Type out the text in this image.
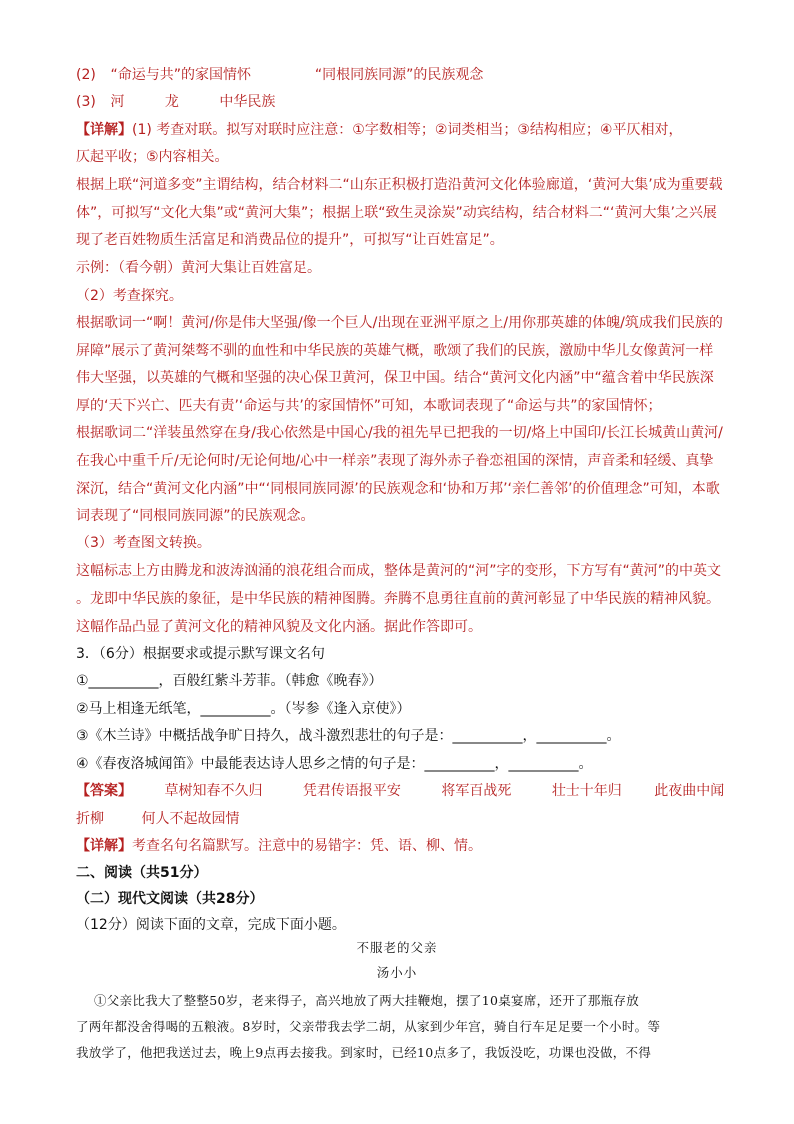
(2) “命运与共”的家国情怀	“同根同族同源”的民族观念
(3) 河	龙	中华民族
【详解】(1) 考查对联。拟写对联时应注意：①字数相等；②词类相当；③结构相应；④平仄相对，
仄起平收；⑤内容相关。
根据上联“河道多变”主谓结构，结合材料二“山东正积极打造沿黄河文化体验廊道，‘黄河大集’成为重要载
体”，可拟写“文化大集”或“黄河大集”；根据上联“致生灵涂炭”动宾结构，结合材料二“‘黄河大集’之兴展
现了老百姓物质生活富足和消费品位的提升”，可拟写“让百姓富足”。
示例：（看今朝）黄河大集让百姓富足。
（2）考查探究。
根据歌词一“啊！黄河/你是伟大坚强/像一个巨人/出现在亚洲平原之上/用你那英雄的体魄/筑成我们民族的
屏障”展示了黄河桀骜不驯的血性和中华民族的英雄气概，歌颂了我们的民族，激励中华儿女像黄河一样
伟大坚强，以英雄的气概和坚强的决心保卫黄河，保卫中国。结合“黄河文化内涵”中“蕴含着中华民族深
厚的‘天下兴亡、匹夫有责’‘命运与共’的家国情怀”可知，本歌词表现了“命运与共”的家国情怀；
根据歌词二“洋装虽然穿在身/我心依然是中国心/我的祖先早已把我的一切/烙上中国印/长江长城黄山黄河/
在我心中重千斤/无论何时/无论何地/心中一样亲”表现了海外赤子眷恋祖国的深情，声音柔和轻缓、真挚
深沉，结合“黄河文化内涵”中“‘同根同族同源’的民族观念和‘协和万邦’‘亲仁善邻’的价值理念”可知，本歌
词表现了“同根同族同源”的民族观念。
（3）考查图文转换。
这幅标志上方由腾龙和波涛汹涌的浪花组合而成，整体是黄河的“河”字的变形，下方写有“黄河”的中英文
。龙即中华民族的象征，是中华民族的精神图腾。奔腾不息勇往直前的黄河彰显了中华民族的精神风貌。
这幅作品凸显了黄河文化的精神风貌及文化内涵。据此作答即可。
3．（6分）根据要求或提示默写课文名句
①__________，百般红紫斗芳菲。（韩愈《晚春》）
②马上相逢无纸笔，__________。（岑参《逢入京使》）
③《木兰诗》中概括战争旷日持久，战斗激烈悲壮的句子是：__________，__________。
④《春夜洛城闻笛》中最能表达诗人思乡之情的句子是：__________，__________。
【答案】 草树知春不久归	凭君传语报平安	将军百战死	壮士十年归 此夜曲中闻
折柳	何人不起故园情
【详解】考查名句名篇默写。注意中的易错字：凭、语、柳、情。
二、阅读（共51分）
（二）现代文阅读（共28分）
（12分）阅读下面的文章，完成下面小题。
不服老的父亲
汤小小
①父亲比我大了整整50岁，老来得子，高兴地放了两大挂鞭炮，摆了10桌宴席，还开了那瓶存放
了两年都没舍得喝的五粮液。8岁时，父亲带我去学二胡，从家到少年宫，骑自行车足足要一个小时。等
我放学了，他把我送过去，晚上9点再去接我。到家时，已经10点多了，我饭没吃，功课也没做，不得
